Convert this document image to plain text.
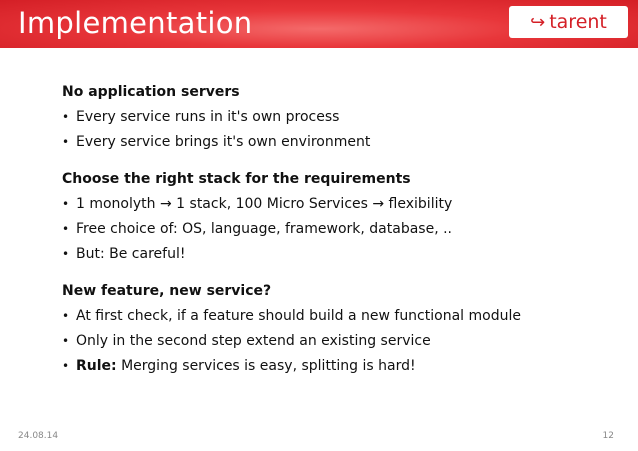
Implementation	↪ tarent
No application servers
• Every service runs in it's own process
• Every service brings it's own environment
Choose the right stack for the requirements
• 1 monolyth → 1 stack, 100 Micro Services → flexibility
• Free choice of: OS, language, framework, database, ..
• But: Be careful!
New feature, new service?
• At first check, if a feature should build a new functional module
• Only in the second step extend an existing service
• Rule: Merging services is easy, splitting is hard!
24.08.14	12
